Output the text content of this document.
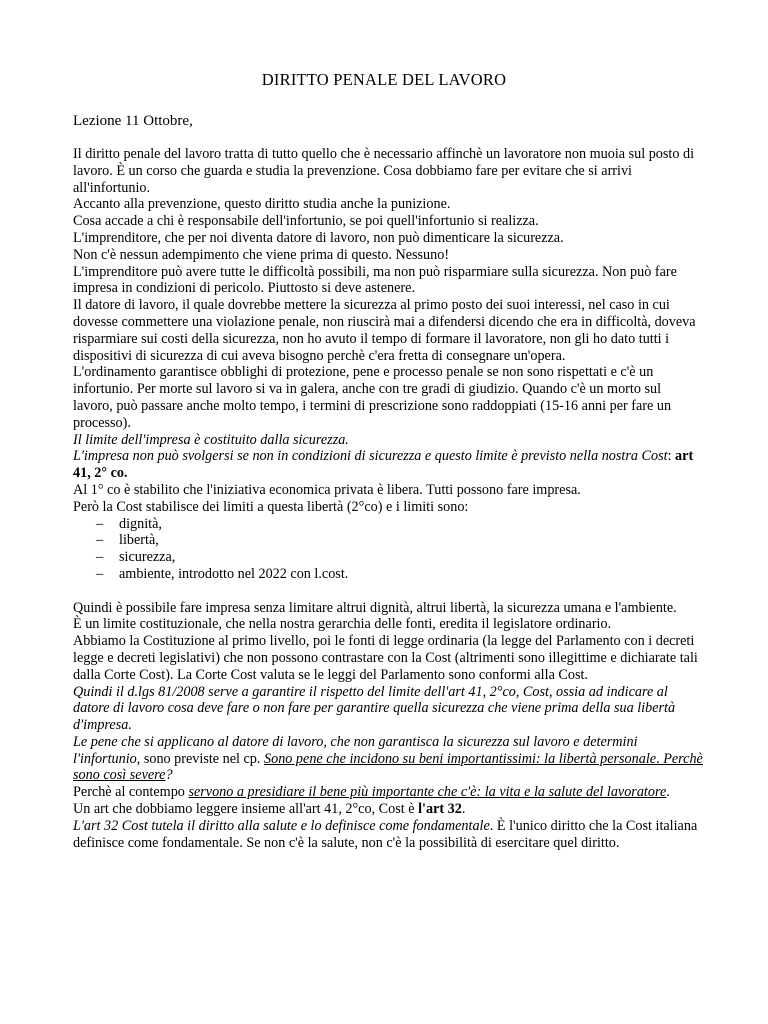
DIRITTO PENALE DEL LAVORO
Lezione 11 Ottobre,

Il diritto penale del lavoro tratta di tutto quello che è necessario affinchè un lavoratore non muoia sul posto di lavoro. È un corso che guarda e studia la prevenzione. Cosa dobbiamo fare per evitare che si arrivi all'infortunio.

Accanto alla prevenzione, questo diritto studia anche la punizione.

Cosa accade a chi è responsabile dell'infortunio, se poi quell'infortunio si realizza.

L'imprenditore, che per noi diventa datore di lavoro, non può dimenticare la sicurezza.

Non c'è nessun adempimento che viene prima di questo. Nessuno!

L'imprenditore può avere tutte le difficoltà possibili, ma non può risparmiare sulla sicurezza. Non può fare impresa in condizioni di pericolo. Piuttosto si deve astenere.

Il datore di lavoro, il quale dovrebbe mettere la sicurezza al primo posto dei suoi interessi, nel caso in cui dovesse commettere una violazione penale, non riuscirà mai a difendersi dicendo che era in difficoltà, doveva risparmiare sui costi della sicurezza, non ho avuto il tempo di formare il lavoratore, non gli ho dato tutti i dispositivi di sicurezza di cui aveva bisogno perchè c'era fretta di consegnare un'opera.

L'ordinamento garantisce obblighi di protezione, pene e processo penale se non sono rispettati e c'è un infortunio. Per morte sul lavoro si va in galera, anche con tre gradi di giudizio. Quando c'è un morto sul lavoro, può passare anche molto tempo, i termini di prescrizione sono raddoppiati (15-16 anni per fare un processo).

Il limite dell'impresa è costituito dalla sicurezza.

L'impresa non può svolgersi se non in condizioni di sicurezza e questo limite è previsto nella nostra Cost: art 41, 2° co.

Al 1° co è stabilito che l'iniziativa economica privata è libera. Tutti possono fare impresa.

Però la Cost stabilisce dei limiti a questa libertà (2°co) e i limiti sono:

– dignità,
– libertà,
– sicurezza,
– ambiente, introdotto nel 2022 con l.cost.

Quindi è possibile fare impresa senza limitare altrui dignità, altrui libertà, la sicurezza umana e l'ambiente.

È un limite costituzionale, che nella nostra gerarchia delle fonti, eredita il legislatore ordinario.

Abbiamo la Costituzione al primo livello, poi le fonti di legge ordinaria (la legge del Parlamento con i decreti legge e decreti legislativi) che non possono contrastare con la Cost (altrimenti sono illegittime e dichiarate tali dalla Corte Cost). La Corte Cost valuta se le leggi del Parlamento sono conformi alla Cost.

Quindi il d.lgs 81/2008 serve a garantire il rispetto del limite dell'art 41, 2°co, Cost, ossia ad indicare al datore di lavoro cosa deve fare o non fare per garantire quella sicurezza che viene prima della sua libertà d'impresa.

Le pene che si applicano al datore di lavoro, che non garantisca la sicurezza sul lavoro e determini l'infortunio, sono previste nel cp. Sono pene che incidono su beni importantissimi: la libertà personale. Perchè sono così severe?

Perchè al contempo servono a presidiare il bene più importante che c'è: la vita e la salute del lavoratore.

Un art che dobbiamo leggere insieme all'art 41, 2°co, Cost è l'art 32.

L'art 32 Cost tutela il diritto alla salute e lo definisce come fondamentale. È l'unico diritto che la Cost italiana definisce come fondamentale. Se non c'è la salute, non c'è la possibilità di esercitare quel diritto.
